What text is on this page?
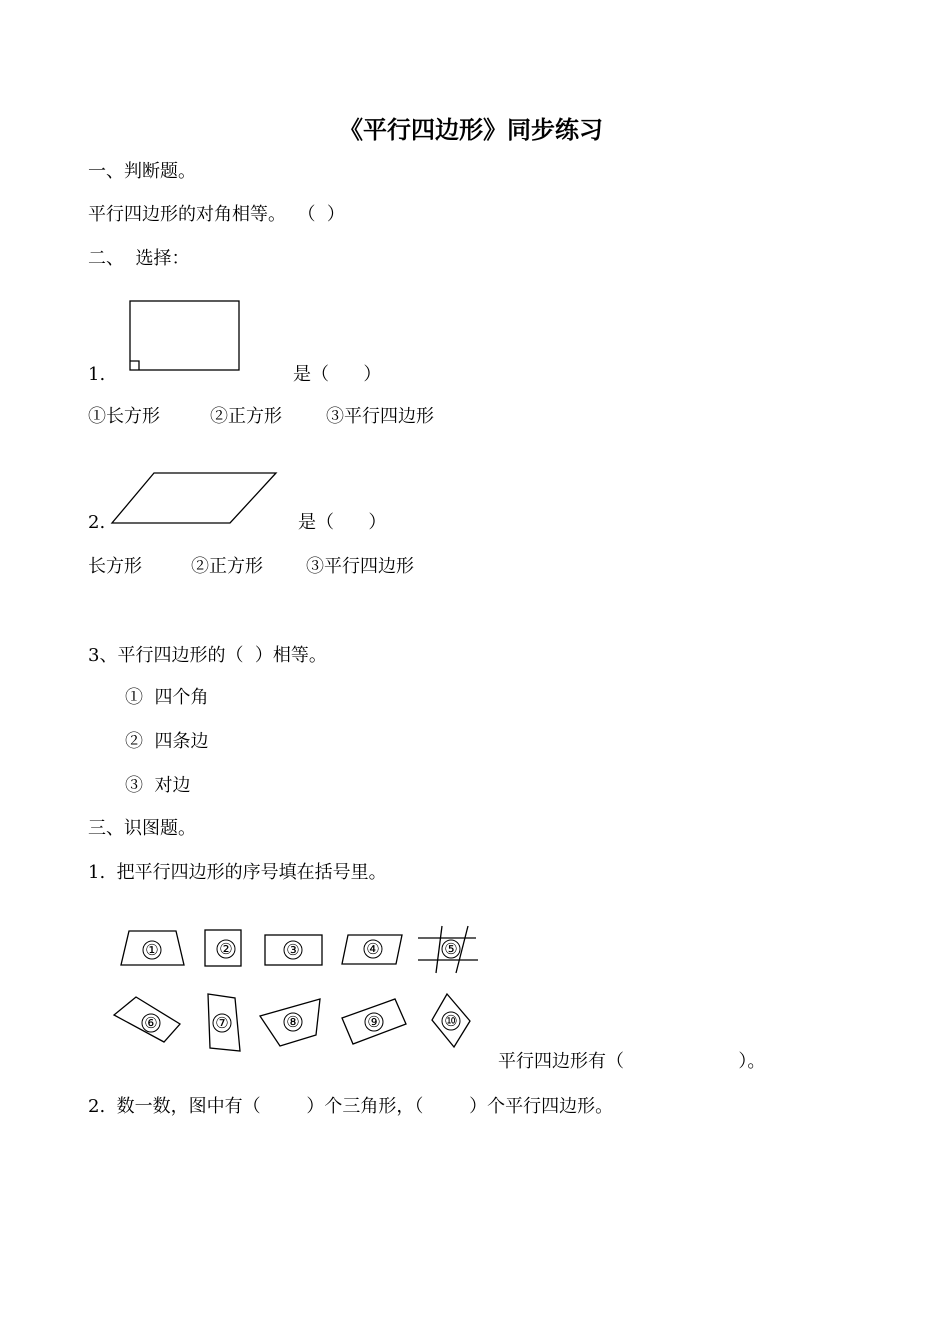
《平行四边形》同步练习
一、判断题。
平行四边形的对角相等。  （  ）
二、  选择：
1.	是（      ）
①长方形	②正方形 ③平行四边形
2.	是（      ）
长方形	②正方形 ③平行四边形
3、平行四边形的（  ）相等。
①  四个角
②  四条边
③  对边
三、识图题。
1.  把平行四边形的序号填在括号里。
①	②	③	④	⑤
⑥	⑦	⑧	⑨	⑩
平行四边形有（                    ）。
2.  数一数，图中有（        ）个三角形，（        ）个平行四边形。
